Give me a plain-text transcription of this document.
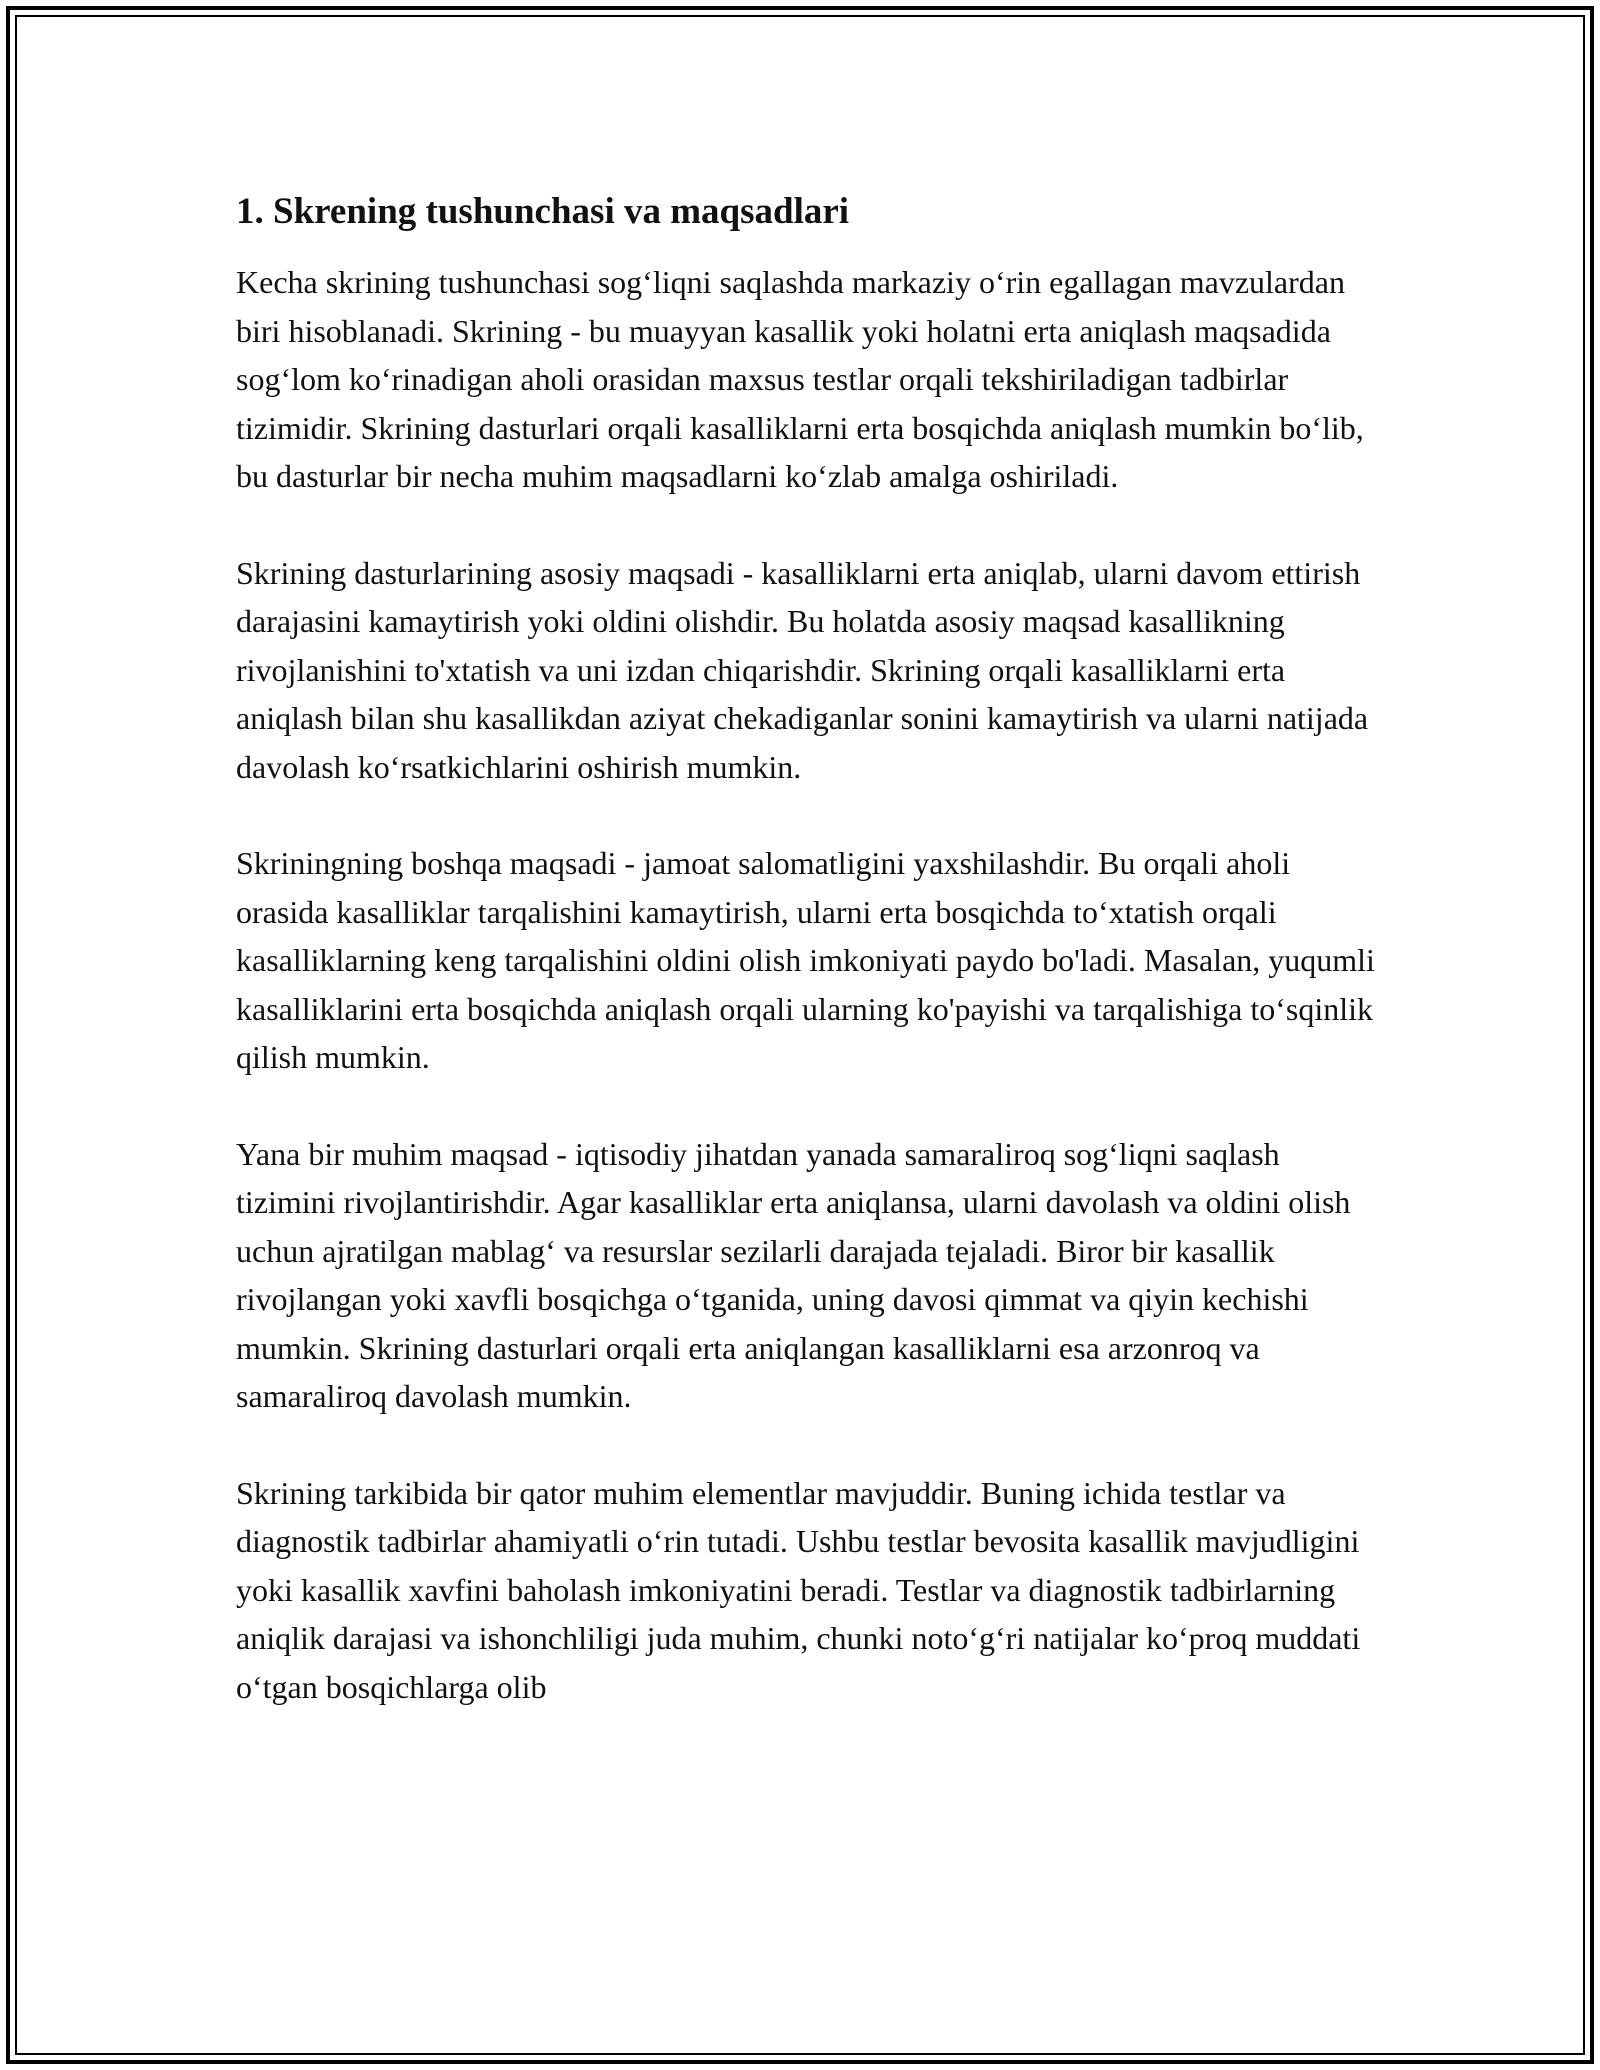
1. Skrening tushunchasi va maqsadlari

Kecha skrining tushunchasi sog‘liqni saqlashda markaziy o‘rin egallagan mavzulardan biri hisoblanadi. Skrining - bu muayyan kasallik yoki holatni erta aniqlash maqsadida sog‘lom ko‘rinadigan aholi orasidan maxsus testlar orqali tekshiriladigan tadbirlar tizimidir. Skrining dasturlari orqali kasalliklarni erta bosqichda aniqlash mumkin bo‘lib, bu dasturlar bir necha muhim maqsadlarni ko‘zlab amalga oshiriladi.

Skrining dasturlarining asosiy maqsadi - kasalliklarni erta aniqlab, ularni davom ettirish darajasini kamaytirish yoki oldini olishdir. Bu holatda asosiy maqsad kasallikning rivojlanishini to'xtatish va uni izdan chiqarishdir. Skrining orqali kasalliklarni erta aniqlash bilan shu kasallikdan aziyat chekadiganlar sonini kamaytirish va ularni natijada davolash ko‘rsatkichlarini oshirish mumkin.

Skriningning boshqa maqsadi - jamoat salomatligini yaxshilashdir. Bu orqali aholi orasida kasalliklar tarqalishini kamaytirish, ularni erta bosqichda to‘xtatish orqali kasalliklarning keng tarqalishini oldini olish imkoniyati paydo bo'ladi. Masalan, yuqumli kasalliklarini erta bosqichda aniqlash orqali ularning ko'payishi va tarqalishiga to‘sqinlik qilish mumkin.

Yana bir muhim maqsad - iqtisodiy jihatdan yanada samaraliroq sog‘liqni saqlash tizimini rivojlantirishdir. Agar kasalliklar erta aniqlansa, ularni davolash va oldini olish uchun ajratilgan mablag‘ va resurslar sezilarli darajada tejaladi. Biror bir kasallik rivojlangan yoki xavfli bosqichga o‘tganida, uning davosi qimmat va qiyin kechishi mumkin. Skrining dasturlari orqali erta aniqlangan kasalliklarni esa arzonroq va samaraliroq davolash mumkin.

Skrining tarkibida bir qator muhim elementlar mavjuddir. Buning ichida testlar va diagnostik tadbirlar ahamiyatli o‘rin tutadi. Ushbu testlar bevosita kasallik mavjudligini yoki kasallik xavfini baholash imkoniyatini beradi. Testlar va diagnostik tadbirlarning aniqlik darajasi va ishonchliligi juda muhim, chunki noto‘g‘ri natijalar ko‘proq muddati o‘tgan bosqichlarga olib
